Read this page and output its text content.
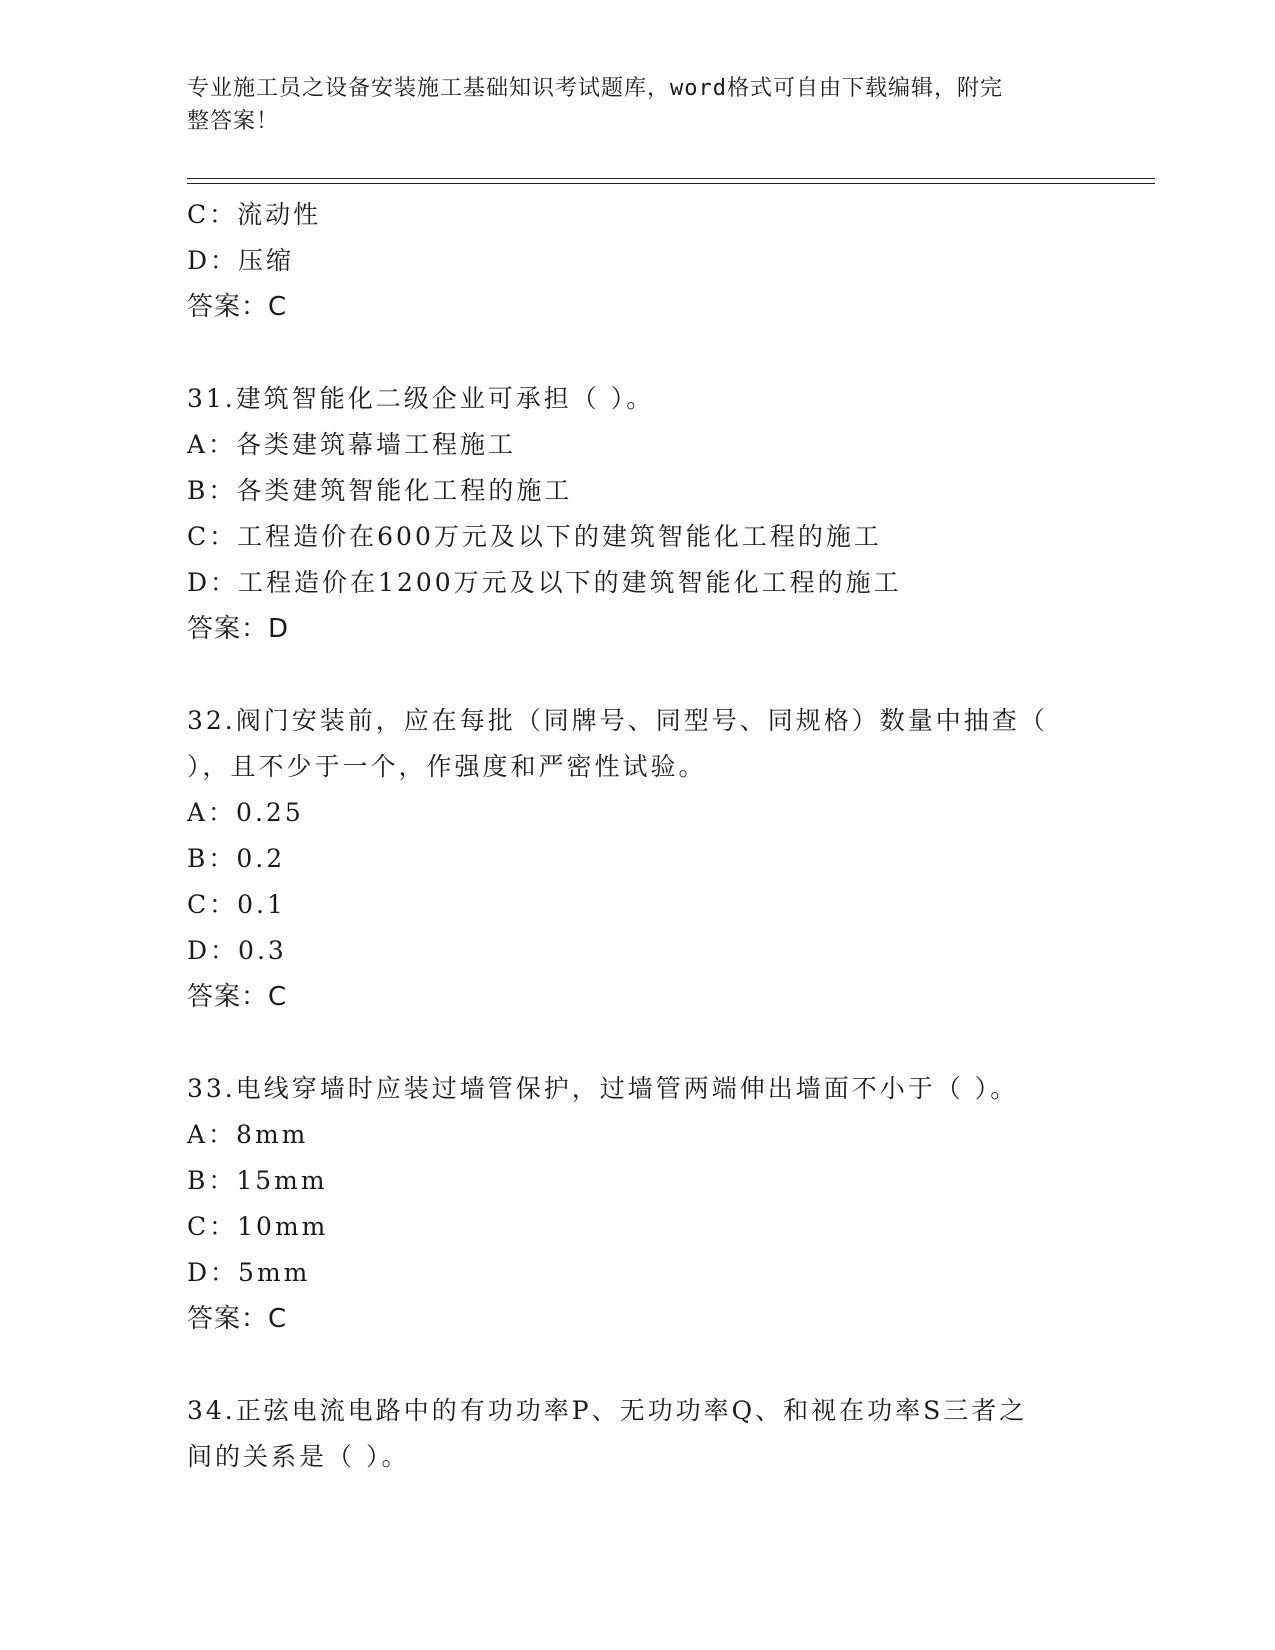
专业施工员之设备安装施工基础知识考试题库，word格式可自由下载编辑，附完
整答案！
C：流动性
D：压缩
答案：C
31.建筑智能化二级企业可承担（ ）。
A：各类建筑幕墙工程施工
B：各类建筑智能化工程的施工
C：工程造价在600万元及以下的建筑智能化工程的施工
D：工程造价在1200万元及以下的建筑智能化工程的施工
答案：D
32.阀门安装前，应在每批（同牌号、同型号、同规格）数量中抽查（
），且不少于一个，作强度和严密性试验。
A：0.25
B：0.2
C：0.1
D：0.3
答案：C
33.电线穿墙时应装过墙管保护，过墙管两端伸出墙面不小于（ ）。
A：8mm
B：15mm
C：10mm
D：5mm
答案：C
34.正弦电流电路中的有功功率P、无功功率Q、和视在功率S三者之
间的关系是（ ）。
